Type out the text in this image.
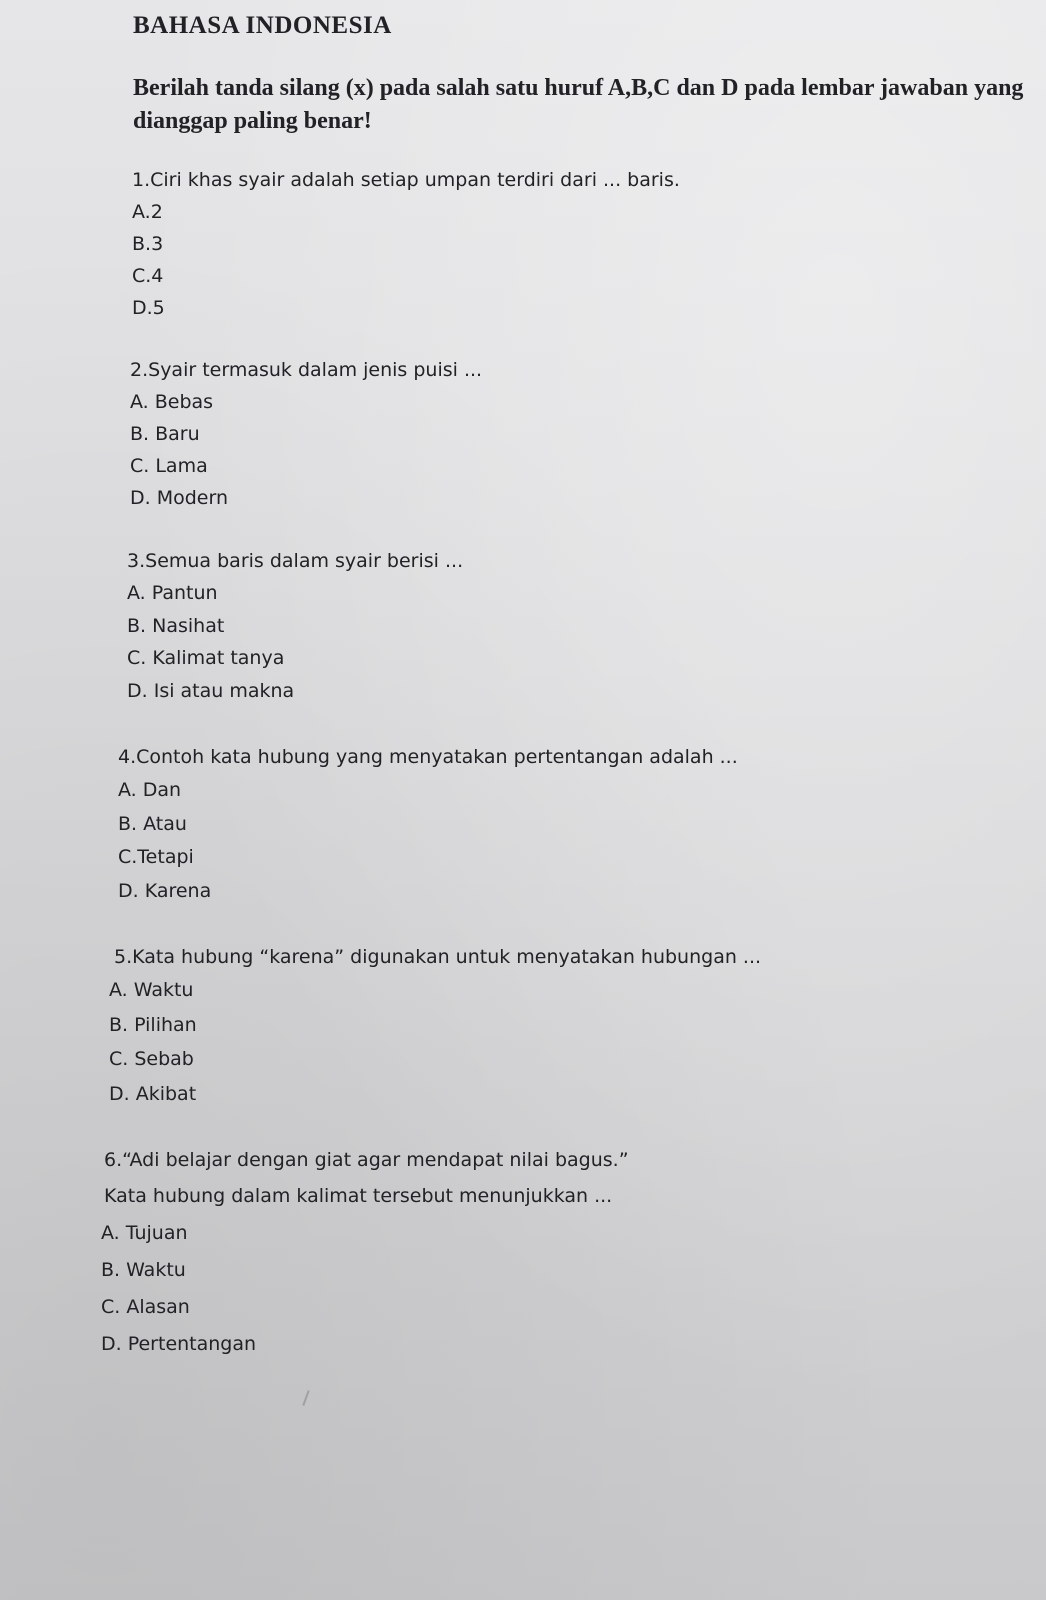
BAHASA INDONESIA
Berilah tanda silang (x) pada salah satu huruf A,B,C dan D pada lembar jawaban yang dianggap paling benar!
1.Ciri khas syair adalah setiap umpan terdiri dari ... baris.
A.2
B.3
C.4
D.5
2.Syair termasuk dalam jenis puisi ...
A. Bebas
B. Baru
C. Lama
D. Modern
3.Semua baris dalam syair berisi ...
A. Pantun
B. Nasihat
C. Kalimat tanya
D. Isi atau makna
4.Contoh kata hubung yang menyatakan pertentangan adalah ...
A. Dan
B. Atau
C.Tetapi
D. Karena
5.Kata hubung “karena” digunakan untuk menyatakan hubungan ...
A. Waktu
B. Pilihan
C. Sebab
D. Akibat
6.“Adi belajar dengan giat agar mendapat nilai bagus.”
Kata hubung dalam kalimat tersebut menunjukkan ...
A. Tujuan
B. Waktu
C. Alasan
D. Pertentangan
